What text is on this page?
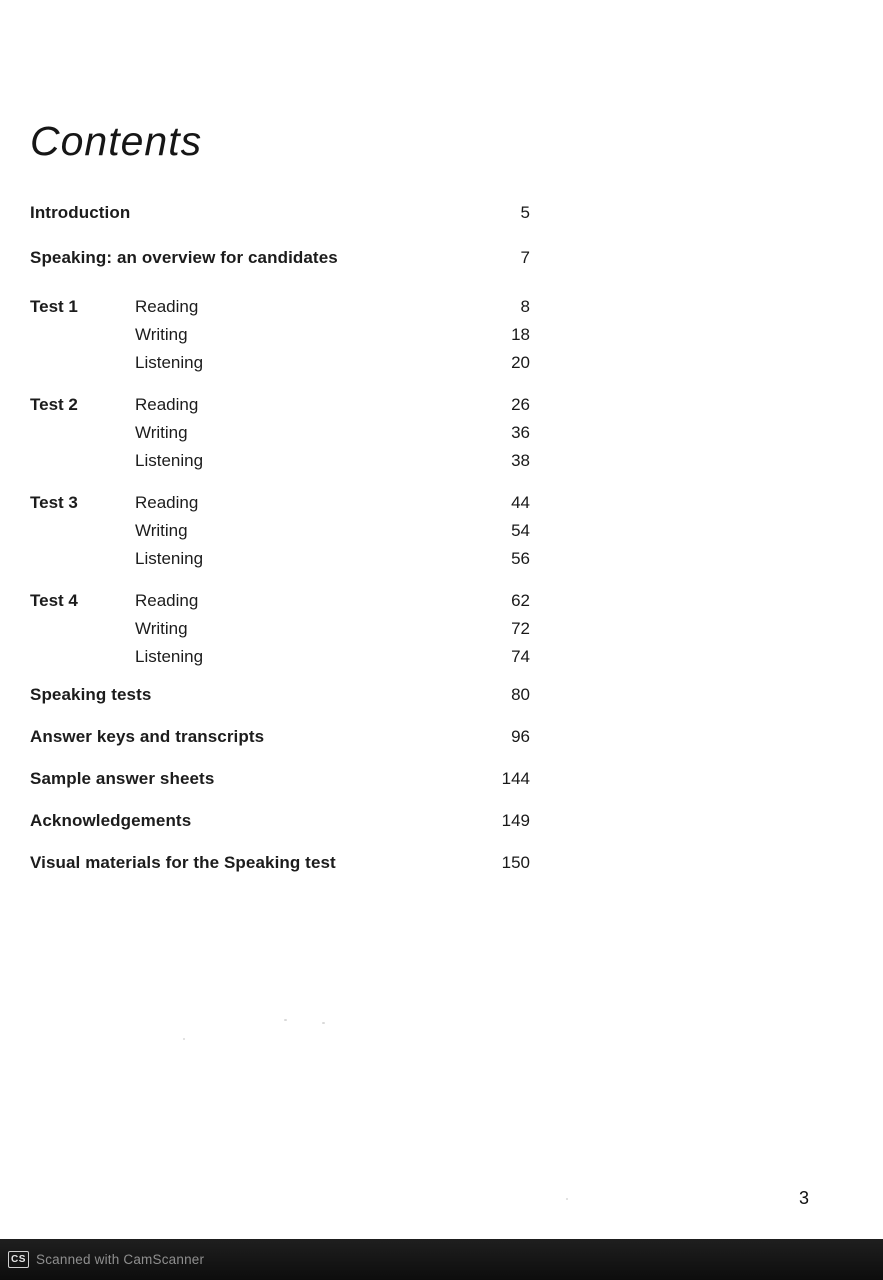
Contents
Introduction	5
Speaking: an overview for candidates	7
Test 1	Reading	8
Writing	18
Listening	20
Test 2	Reading	26
Writing	36
Listening	38
Test 3	Reading	44
Writing	54
Listening	56
Test 4	Reading	62
Writing	72
Listening	74
Speaking tests	80
Answer keys and transcripts	96
Sample answer sheets	144
Acknowledgements	149
Visual materials for the Speaking test	150
3
CS Scanned with CamScanner
